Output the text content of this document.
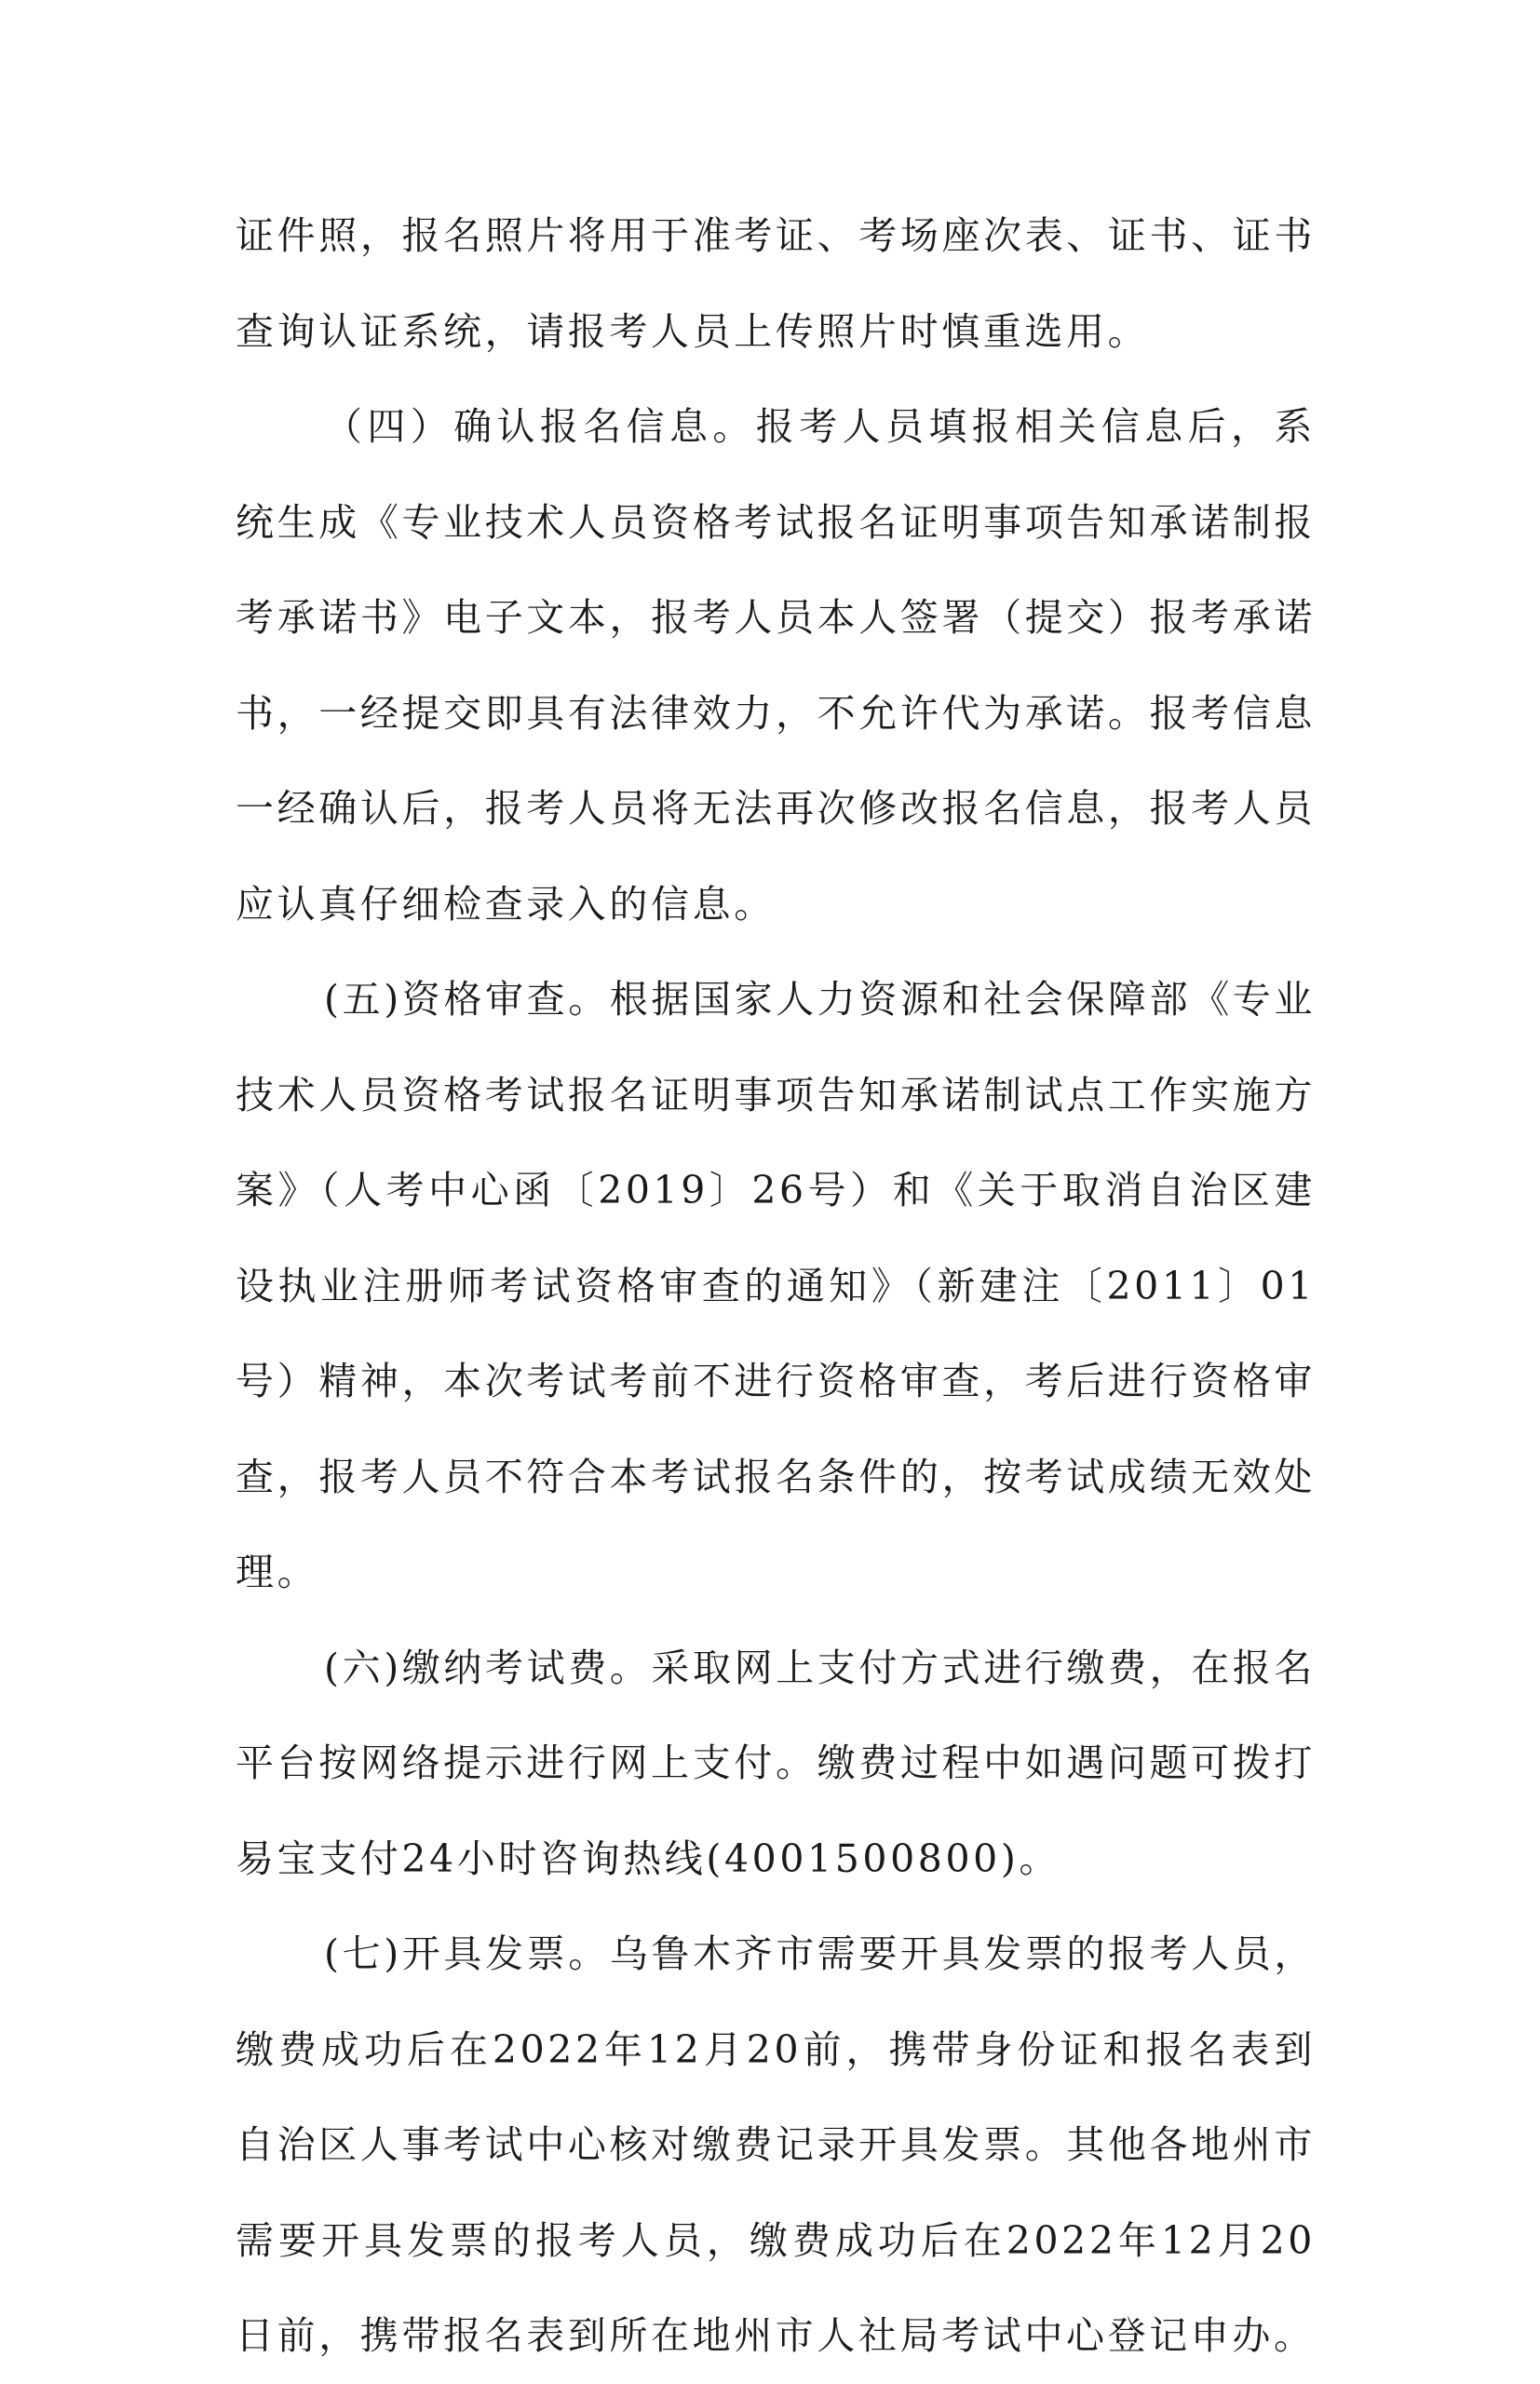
证件照，报名照片将用于准考证、考场座次表、证书、证书查询认证系统，请报考人员上传照片时慎重选用。

（四）确认报名信息。报考人员填报相关信息后，系统生成《专业技术人员资格考试报名证明事项告知承诺制报考承诺书》电子文本，报考人员本人签署（提交）报考承诺书，一经提交即具有法律效力，不允许代为承诺。报考信息一经确认后，报考人员将无法再次修改报名信息，报考人员应认真仔细检查录入的信息。

(五)资格审查。根据国家人力资源和社会保障部《专业技术人员资格考试报名证明事项告知承诺制试点工作实施方案》（人考中心函〔2019〕26号）和《关于取消自治区建设执业注册师考试资格审查的通知》（新建注〔2011〕01号）精神，本次考试考前不进行资格审查，考后进行资格审查，报考人员不符合本考试报名条件的，按考试成绩无效处理。

(六)缴纳考试费。采取网上支付方式进行缴费，在报名平台按网络提示进行网上支付。缴费过程中如遇问题可拨打易宝支付24小时咨询热线(4001500800)。

(七)开具发票。乌鲁木齐市需要开具发票的报考人员，缴费成功后在2022年12月20前，携带身份证和报名表到自治区人事考试中心核对缴费记录开具发票。其他各地州市需要开具发票的报考人员，缴费成功后在2022年12月20日前，携带报名表到所在地州市人社局考试中心登记申办。
